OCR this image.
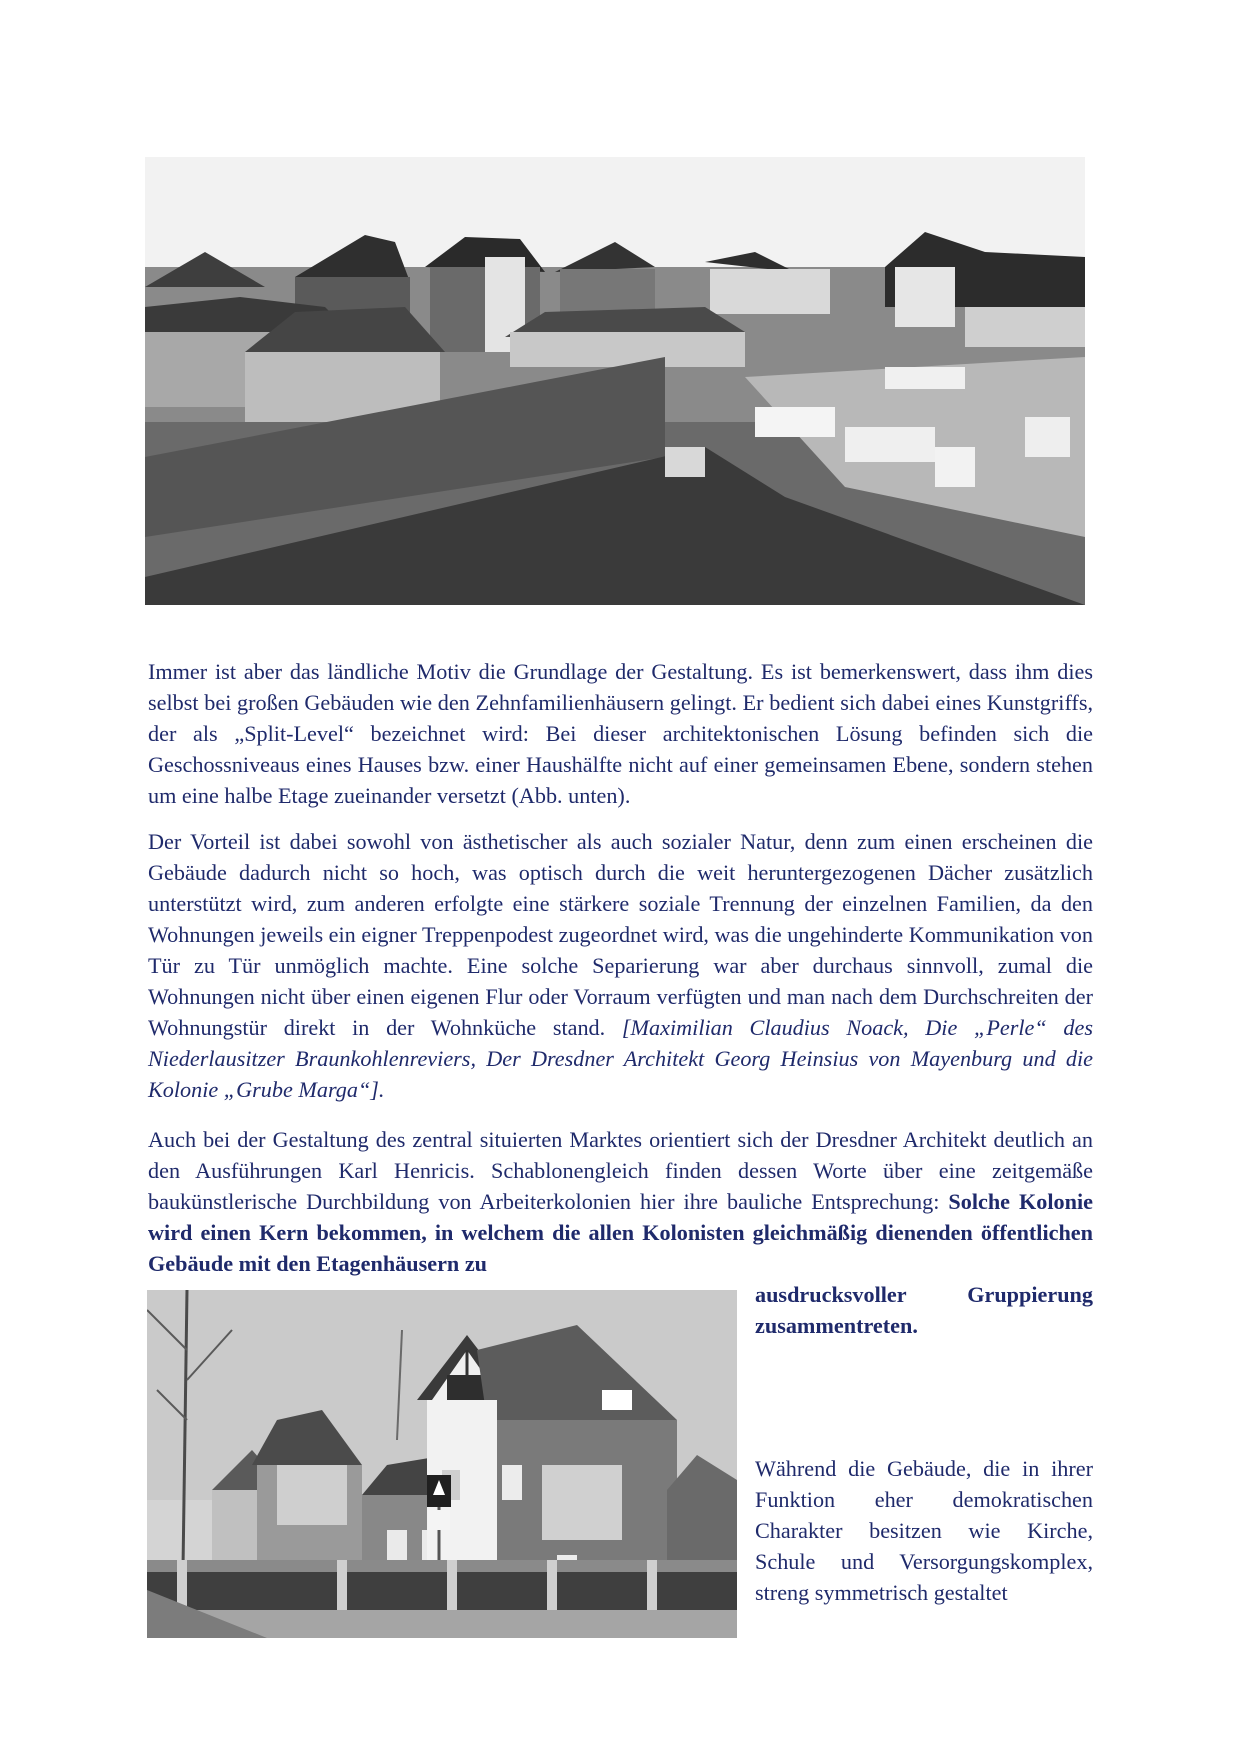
Immer ist aber das ländliche Motiv die Grundlage der Gestaltung. Es ist bemerkenswert, dass ihm dies selbst bei großen Gebäuden wie den Zehnfamilienhäusern gelingt. Er bedient sich dabei eines Kunstgriffs, der als „Split-Level“ bezeichnet wird: Bei dieser architektonischen Lösung befinden sich die Geschossniveaus eines Hauses bzw. einer Haushälfte nicht auf einer gemeinsamen Ebene, sondern stehen um eine halbe Etage zueinander versetzt (Abb. unten).

Der Vorteil ist dabei sowohl von ästhetischer als auch sozialer Natur, denn zum einen erscheinen die Gebäude dadurch nicht so hoch, was optisch durch die weit heruntergezogenen Dächer zusätzlich unterstützt wird, zum anderen erfolgte eine stärkere soziale Trennung der einzelnen Familien, da den Wohnungen jeweils ein eigner Treppenpodest zugeordnet wird, was die ungehinderte Kommunikation von Tür zu Tür unmöglich machte. Eine solche Separierung war aber durchaus sinnvoll, zumal die Wohnungen nicht über einen eigenen Flur oder Vorraum verfügten und man nach dem Durchschreiten der Wohnungstür direkt in der Wohnküche stand. [Maximilian Claudius Noack, Die „Perle“ des Niederlausitzer Braunkohlenreviers, Der Dresdner Architekt Georg Heinsius von Mayenburg und die Kolonie „Grube Marga“].
Auch bei der Gestaltung des zentral situierten Marktes orientiert sich der Dresdner Architekt deutlich an den Ausführungen Karl Henricis. Schablonengleich finden dessen Worte über eine zeitgemäße baukünstlerische Durchbildung von Arbeiterkolonien hier ihre bauliche Entsprechung: Solche Kolonie wird einen Kern bekommen, in welchem die allen Kolonisten gleichmäßig dienenden öffentlichen Gebäude mit den Etagenhäusern zu

ausdrucksvoller Gruppierung zusammentreten.

Während die Gebäude, die in ihrer Funktion eher demokratischen Charakter besitzen wie Kirche, Schule und Versorgungskomplex, streng symmetrisch gestaltet
